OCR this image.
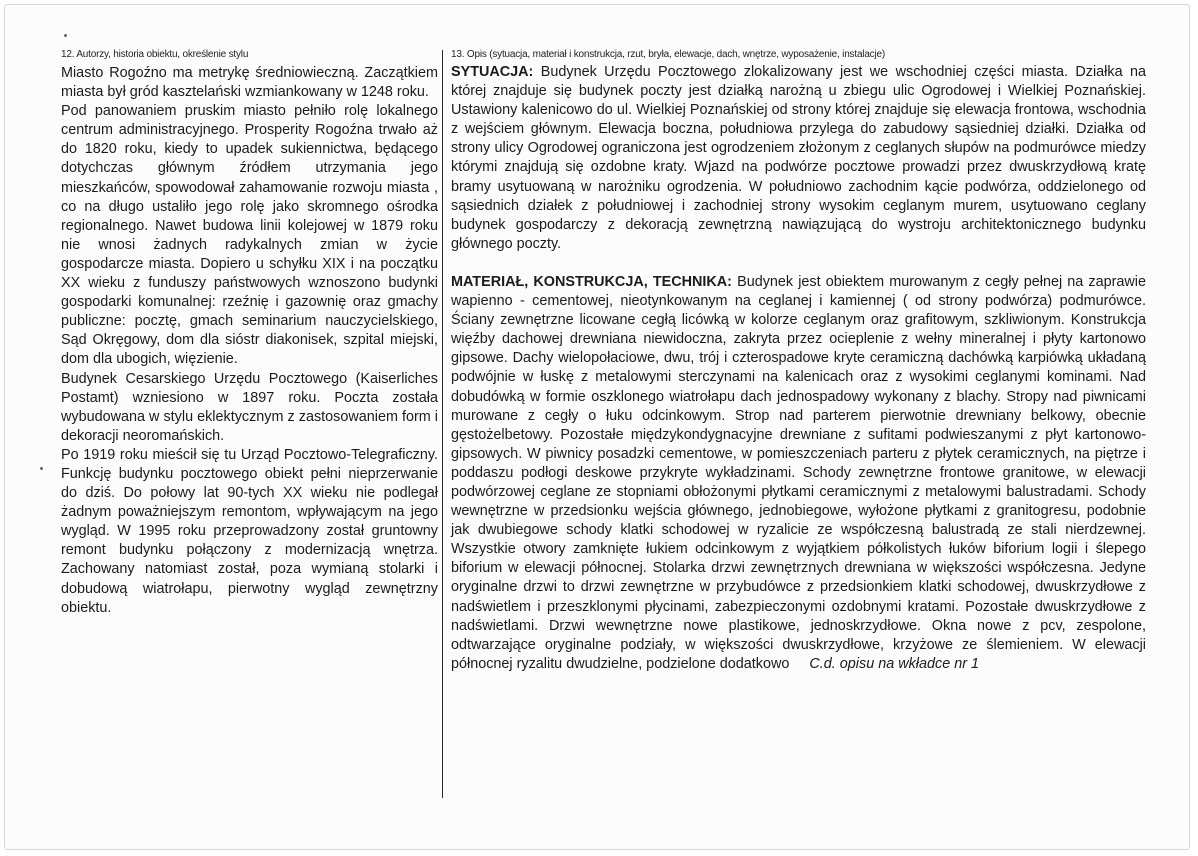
12. Autorzy, historia obiektu, określenie stylu	13. Opis (sytuacja, materiał i konstrukcja, rzut, bryła, elewacje, dach, wnętrze, wyposażenie, instalacje)

Miasto Rogoźno ma metrykę średniowieczną. Zaczątkiem miasta był gród kasztelański wzmiankowany w 1248 roku.

Pod panowaniem pruskim miasto pełniło rolę lokalnego centrum administracyjnego. Prosperity Rogoźna trwało aż do 1820 roku, kiedy to upadek sukiennictwa, będącego dotychczas głównym źródłem utrzymania jego mieszkańców, spowodował zahamowanie rozwoju miasta , co na długo ustaliło jego rolę jako skromnego ośrodka regionalnego. Nawet budowa linii kolejowej w 1879 roku nie wnosi żadnych radykalnych zmian w życie gospodarcze miasta. Dopiero u schyłku XIX i na początku XX wieku z funduszy państwowych wznoszono budynki gospodarki komunalnej: rzeźnię i gazownię oraz gmachy publiczne: pocztę, gmach seminarium nauczycielskiego, Sąd Okręgowy, dom dla sióstr diakonisek, szpital miejski, dom dla ubogich, więzienie.

Budynek Cesarskiego Urzędu Pocztowego (Kaiserliches Postamt) wzniesiono w 1897 roku. Poczta została wybudowana w stylu eklektycznym z zastosowaniem form i dekoracji neoromańskich.

Po 1919 roku mieścił się tu Urząd Pocztowo-Telegraficzny. Funkcję budynku pocztowego obiekt pełni nieprzerwanie do dziś. Do połowy lat 90-tych XX wieku nie podlegał żadnym poważniejszym remontom, wpływającym na jego wygląd. W 1995 roku przeprowadzony został gruntowny remont budynku połączony z modernizacją wnętrza. Zachowany natomiast został, poza wymianą stolarki i dobudową wiatrołapu, pierwotny wygląd zewnętrzny obiektu.

SYTUACJA: Budynek Urzędu Pocztowego zlokalizowany jest we wschodniej części miasta. Działka na której znajduje się budynek poczty jest działką narożną u zbiegu ulic Ogrodowej i Wielkiej Poznańskiej. Ustawiony kalenicowo do ul. Wielkiej Poznańskiej od strony której znajduje się elewacja frontowa, wschodnia z wejściem głównym. Elewacja boczna, południowa przylega do zabudowy sąsiedniej działki. Działka od strony ulicy Ogrodowej ograniczona jest ogrodzeniem złożonym z ceglanych słupów na podmurówce miedzy którymi znajdują się ozdobne kraty. Wjazd na podwórze pocztowe prowadzi przez dwuskrzydłową kratę bramy usytuowaną w narożniku ogrodzenia. W południowo zachodnim kącie podwórza, oddzielonego od sąsiednich działek z południowej i zachodniej strony wysokim ceglanym murem, usytuowano ceglany budynek gospodarczy z dekoracją zewnętrzną nawiązującą do wystroju architektonicznego budynku głównego poczty.

MATERIAŁ, KONSTRUKCJA, TECHNIKA: Budynek jest obiektem murowanym z cegły pełnej na zaprawie wapienno - cementowej, nieotynkowanym na ceglanej i kamiennej ( od strony podwórza) podmurówce. Ściany zewnętrzne licowane cegłą licówką w kolorze ceglanym oraz grafitowym, szkliwionym. Konstrukcja więźby dachowej drewniana niewidoczna, zakryta przez ocieplenie z wełny mineralnej i płyty kartonowo gipsowe. Dachy wielopołaciowe, dwu, trój i czterospadowe kryte ceramiczną dachówką karpiówką układaną podwójnie w łuskę z metalowymi sterczynami na kalenicach oraz z wysokimi ceglanymi kominami. Nad dobudówką w formie oszklonego wiatrołapu dach jednospadowy wykonany z blachy. Stropy nad piwnicami murowane z cegły o łuku odcinkowym. Strop nad parterem pierwotnie drewniany belkowy, obecnie gęstożelbetowy. Pozostałe międzykondygnacyjne drewniane z sufitami podwieszanymi z płyt kartonowo- gipsowych. W piwnicy posadzki cementowe, w pomieszczeniach parteru z płytek ceramicznych, na piętrze i poddaszu podłogi deskowe przykryte wykładzinami. Schody zewnętrzne frontowe granitowe, w elewacji podwórzowej ceglane ze stopniami obłożonymi płytkami ceramicznymi z metalowymi balustradami. Schody wewnętrzne w przedsionku wejścia głównego, jednobiegowe, wyłożone płytkami z granitogresu, podobnie jak dwubiegowe schody klatki schodowej w ryzalicie ze współczesną balustradą ze stali nierdzewnej. Wszystkie otwory zamknięte łukiem odcinkowym z wyjątkiem półkolistych łuków biforium logii i ślepego biforium w elewacji północnej. Stolarka drzwi zewnętrznych drewniana w większości współczesna. Jedyne oryginalne drzwi to drzwi zewnętrzne w przybudówce z przedsionkiem klatki schodowej, dwuskrzydłowe z nadświetlem i przeszklonymi płycinami, zabezpieczonymi ozdobnymi kratami. Pozostałe dwuskrzydłowe z nadświetlami. Drzwi wewnętrzne nowe plastikowe, jednoskrzydłowe. Okna nowe z pcv, zespolone, odtwarzające oryginalne podziały, w większości dwuskrzydłowe, krzyżowe ze ślemieniem. W elewacji północnej ryzalitu dwudzielne, podzielone dodatkowo C.d. opisu na wkładce nr 1
